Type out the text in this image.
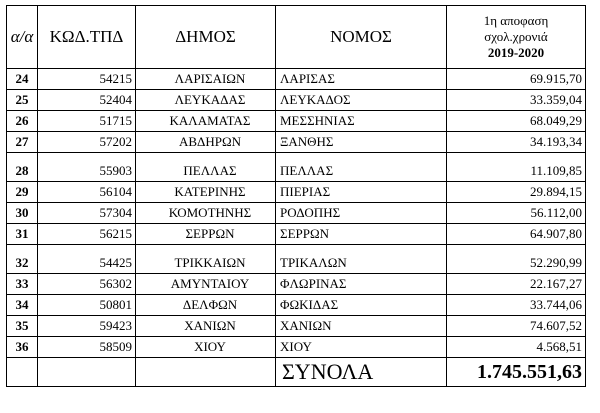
α/α	ΚΩΔ.ΤΠΔ	ΔΗΜΟΣ	ΝΟΜΟΣ	1η αποφαση
σχολ.χρονιά
2019-2020

24	54215	ΛΑΡΙΣΑΙΩΝ	ΛΑΡΙΣΑΣ	69.915,70
25	52404	ΛΕΥΚΑΔΑΣ	ΛΕΥΚΑΔΟΣ	33.359,04
26	51715	ΚΑΛΑΜΑΤΑΣ	ΜΕΣΣΗΝΙΑΣ	68.049,29
27	57202	ΑΒΔΗΡΩΝ	ΞΑΝΘΗΣ	34.193,34
28	55903	ΠΕΛΛΑΣ	ΠΕΛΛΑΣ	11.109,85
29	56104	ΚΑΤΕΡΙΝΗΣ	ΠΙΕΡΙΑΣ	29.894,15
30	57304	ΚΟΜΟΤΗΝΗΣ	ΡΟΔΟΠΗΣ	56.112,00
31	56215	ΣΕΡΡΩΝ	ΣΕΡΡΩΝ	64.907,80
32	54425	ΤΡΙΚΚΑΙΩΝ	ΤΡΙΚΑΛΩΝ	52.290,99
33	56302	ΑΜΥΝΤΑΙΟΥ	ΦΛΩΡΙΝΑΣ	22.167,27
34	50801	ΔΕΛΦΩΝ	ΦΩΚΙΔΑΣ	33.744,06
35	59423	ΧΑΝΙΩΝ	ΧΑΝΙΩΝ	74.607,52
36	58509	ΧΙΟΥ	ΧΙΟΥ	4.568,51
			ΣΥΝΟΛΑ	1.745.551,63
